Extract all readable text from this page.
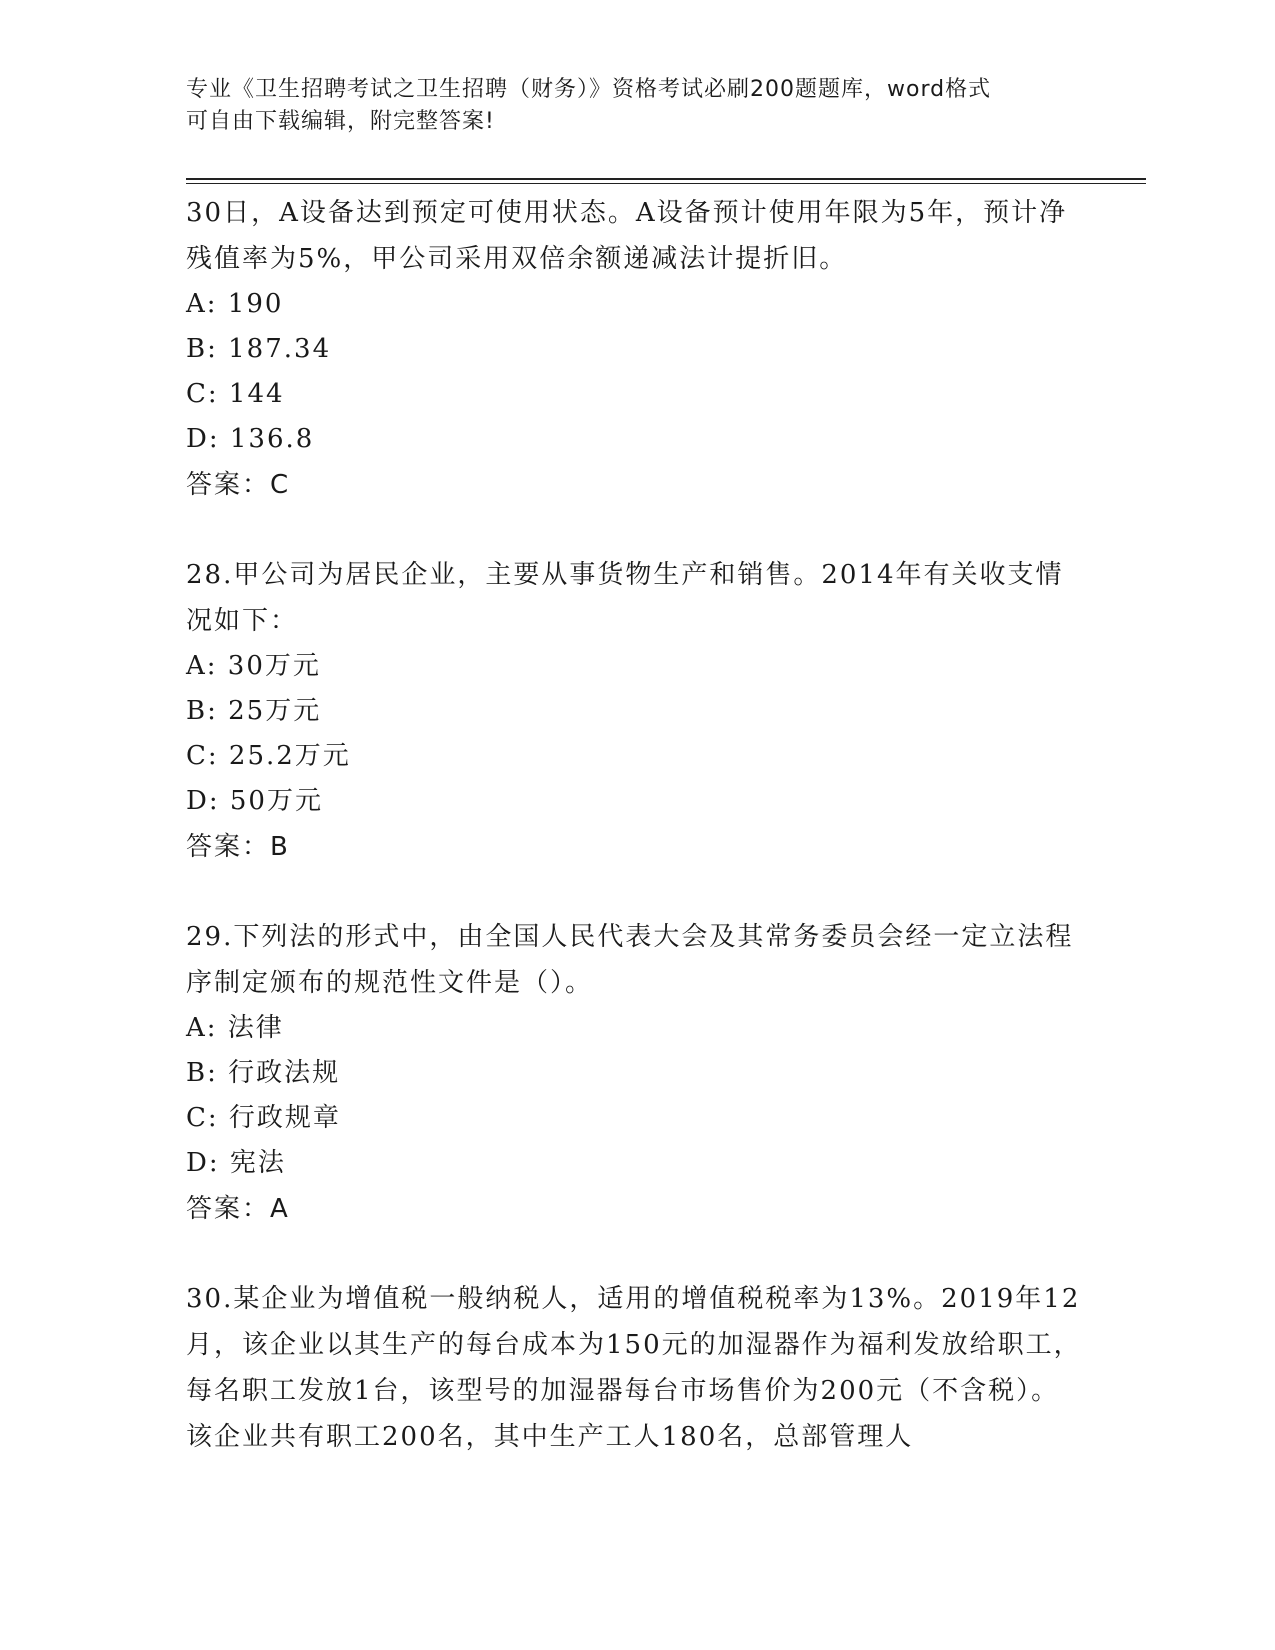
专业《卫生招聘考试之卫生招聘（财务）》资格考试必刷200题题库，word格式
可自由下载编辑，附完整答案!

30日，A设备达到预定可使用状态。A设备预计使用年限为5年，预计净残值率为5%，甲公司采用双倍余额递减法计提折旧。

A: 190

B: 187.34

C: 144

D: 136.8

答案：C

28.甲公司为居民企业，主要从事货物生产和销售。2014年有关收支情况如下：

A: 30万元

B: 25万元

C: 25.2万元

D: 50万元

答案：B

29.下列法的形式中，由全国人民代表大会及其常务委员会经一定立法程序制定颁布的规范性文件是（）。

A: 法律

B: 行政法规

C: 行政规章

D: 宪法

答案：A

30.某企业为增值税一般纳税人，适用的增值税税率为13%。2019年12月，该企业以其生产的每台成本为150元的加湿器作为福利发放给职工，每名职工发放1台，该型号的加湿器每台市场售价为200元（不含税）。该企业共有职工200名，其中生产工人180名，总部管理人
